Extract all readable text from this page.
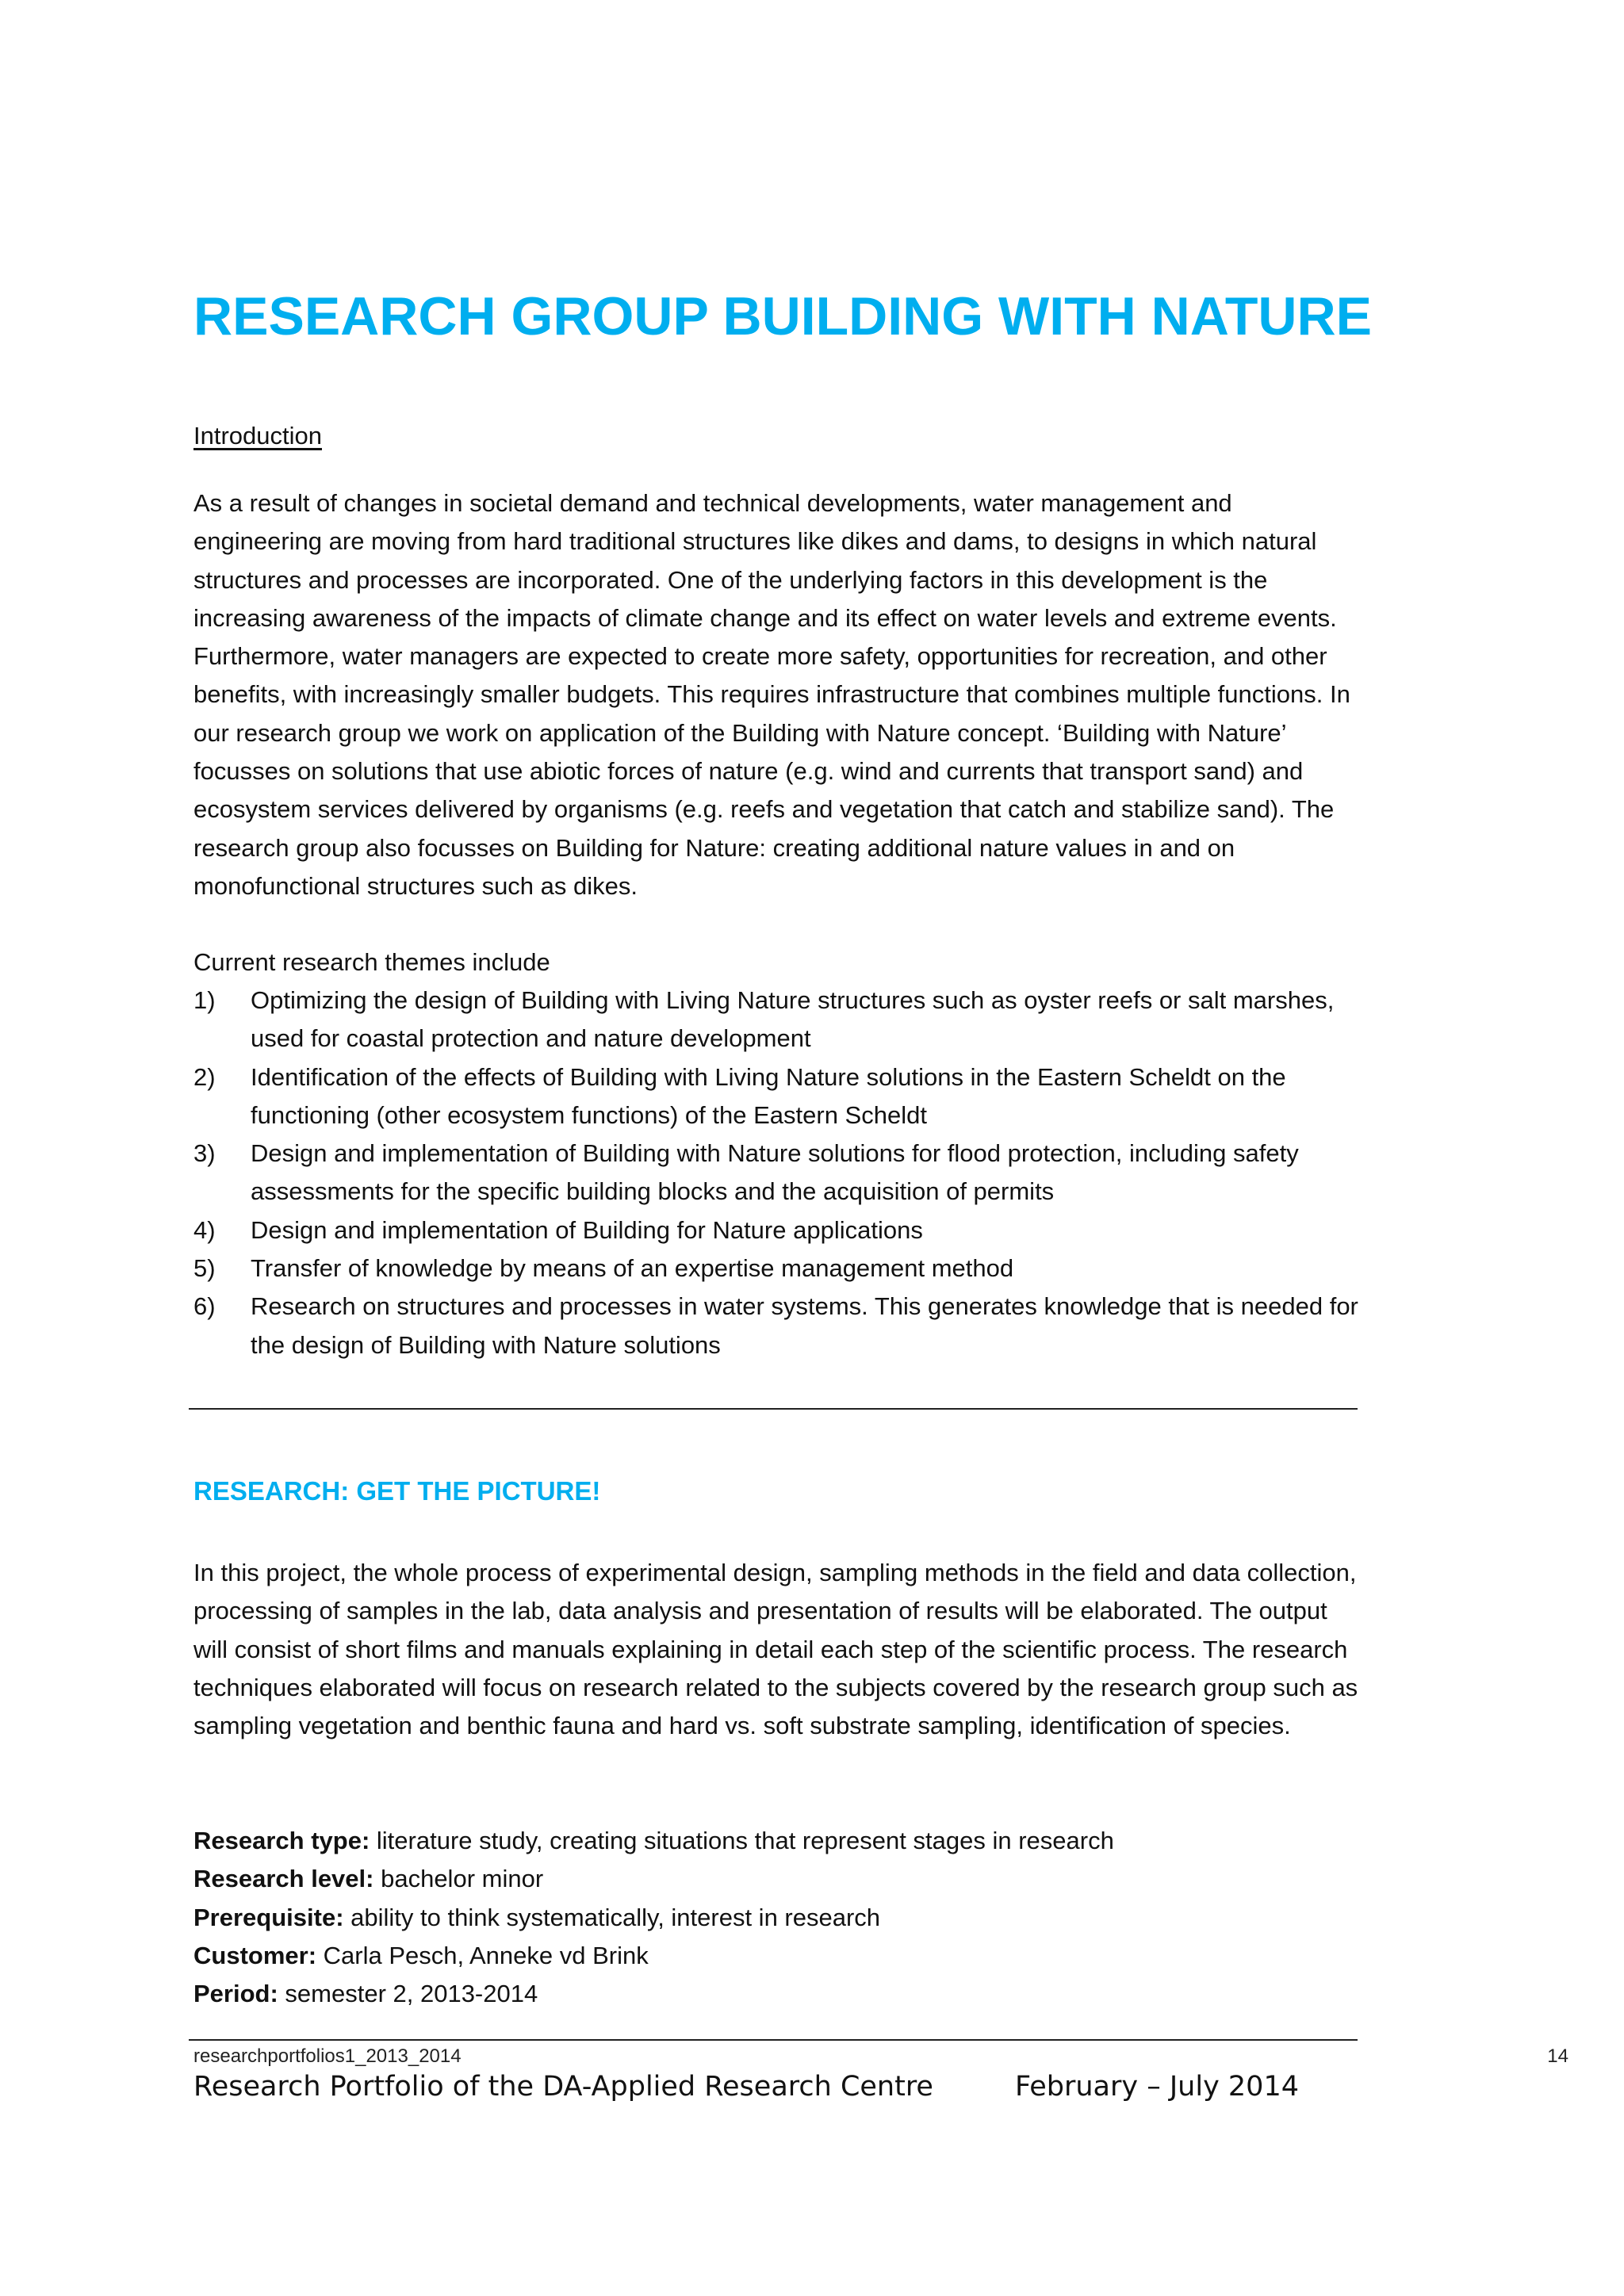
RESEARCH GROUP BUILDING WITH NATURE
Introduction

As a result of changes in societal demand and technical developments, water management and engineering are moving from hard traditional structures like dikes and dams, to designs in which natural structures and processes are incorporated. One of the underlying factors in this development is the increasing awareness of the impacts of climate change and its effect on water levels and extreme events. Furthermore, water managers are expected to create more safety, opportunities for recreation, and other benefits, with increasingly smaller budgets. This requires infrastructure that combines multiple functions. In our research group we work on application of the Building with Nature concept. ‘Building with Nature’ focusses on solutions that use abiotic forces of nature (e.g. wind and currents that transport sand) and ecosystem services delivered by organisms (e.g. reefs and vegetation that catch and stabilize sand). The research group also focusses on Building for Nature: creating additional nature values in and on monofunctional structures such as dikes.

Current research themes include
1) Optimizing the design of Building with Living Nature structures such as oyster reefs or salt marshes, used for coastal protection and nature development
2) Identification of the effects of Building with Living Nature solutions in the Eastern Scheldt on the functioning (other ecosystem functions) of the Eastern Scheldt
3) Design and implementation of Building with Nature solutions for flood protection, including safety assessments for the specific building blocks and the acquisition of permits
4) Design and implementation of Building for Nature applications
5) Transfer of knowledge by means of an expertise management method
6) Research on structures and processes in water systems. This generates knowledge that is needed for the design of Building with Nature solutions
RESEARCH: GET THE PICTURE!

In this project, the whole process of experimental design, sampling methods in the field and data collection, processing of samples in the lab, data analysis and presentation of results will be elaborated. The output will consist of short films and manuals explaining in detail each step of the scientific process. The research techniques elaborated will focus on research related to the subjects covered by the research group such as sampling vegetation and benthic fauna and hard vs. soft substrate sampling, identification of species.

Research type: literature study, creating situations that represent stages in research
Research level: bachelor minor
Prerequisite: ability to think systematically, interest in research
Customer: Carla Pesch, Anneke vd Brink
Period: semester 2, 2013-2014
researchportfolios1_2013_2014	14
Research Portfolio of the DA-Applied Research Centre	February – July 2014
